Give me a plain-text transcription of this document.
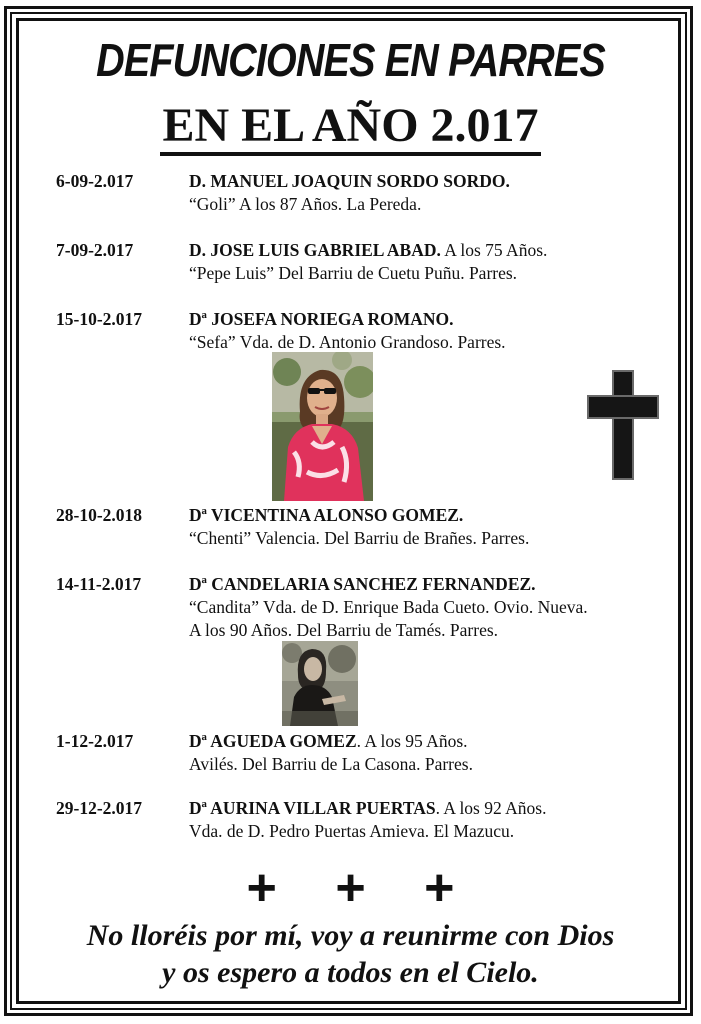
DEFUNCIONES EN PARRES
EN EL AÑO 2.017
6-09-2.017	D. MANUEL JOAQUIN SORDO SORDO.
“Goli” A los 87 Años. La Pereda.
7-09-2.017	D. JOSE LUIS GABRIEL ABAD. A los 75 Años.
“Pepe Luis” Del Barriu de Cuetu Puñu. Parres.
15-10-2.017	Dª JOSEFA NORIEGA ROMANO.
“Sefa” Vda. de D. Antonio Grandoso. Parres.
28-10-2.018	Dª VICENTINA ALONSO GOMEZ.
“Chenti” Valencia. Del Barriu de Brañes. Parres.
14-11-2.017	Dª CANDELARIA SANCHEZ FERNANDEZ.
“Candita” Vda. de D. Enrique Bada Cueto. Ovio. Nueva.
A los 90 Años. Del Barriu de Tamés. Parres.
1-12-2.017	Dª AGUEDA GOMEZ. A los 95 Años.
Avilés. Del Barriu de La Casona. Parres.
29-12-2.017	Dª AURINA VILLAR PUERTAS. A los 92 Años.
Vda. de D. Pedro Puertas Amieva. El Mazucu.
+ + +
No lloréis por mí, voy a reunirme con Dios
y os espero a todos en el Cielo.
